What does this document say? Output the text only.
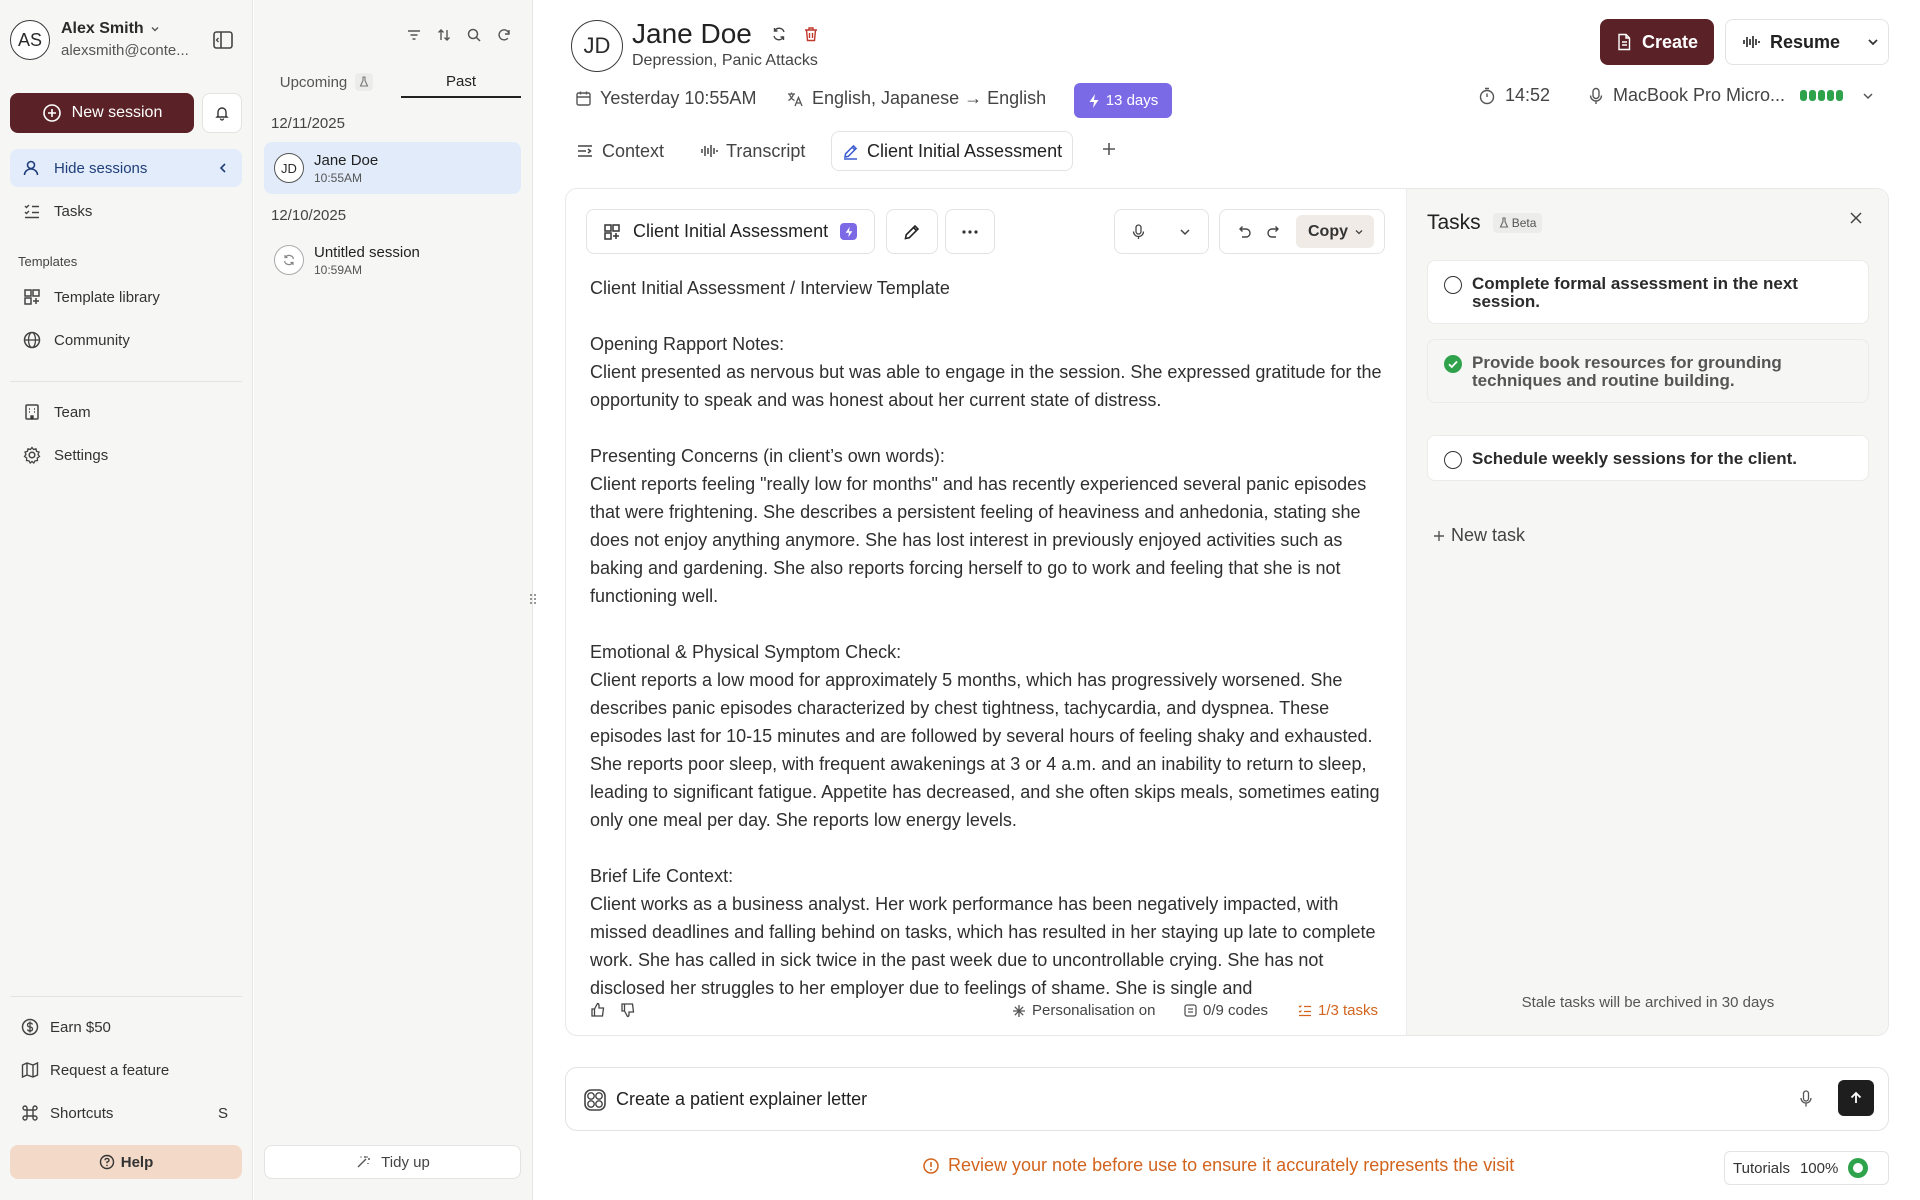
AS
Alex Smith
alexsmith@conte...
New session
Hide sessions
Tasks
Templates
Template library
Community
Team
Settings
Earn $50
Request a feature
Shortcuts	S
Help
Upcoming	Past
12/11/2025
JD	Jane Doe
10:55AM
12/10/2025
Untitled session
10:59AM
Tidy up
JD Jane Doe
Depression, Panic Attacks
Yesterday 10:55AM	English, Japanese → English	13 days
Create	Resume
14:52	MacBook Pro Micro...
Context	Transcript	Client Initial Assessment
Client Initial Assessment	Copy

Client Initial Assessment / Interview Template

Opening Rapport Notes:

Client presented as nervous but was able to engage in the session. She expressed gratitude for the opportunity to speak and was honest about her current state of distress.

Presenting Concerns (in client’s own words):

Client reports feeling "really low for months" and has recently experienced several panic episodes that were frightening. She describes a persistent feeling of heaviness and anhedonia, stating she does not enjoy anything anymore. She has lost interest in previously enjoyed activities such as baking and gardening. She also reports forcing herself to go to work and feeling that she is not functioning well.

Emotional & Physical Symptom Check:

Client reports a low mood for approximately 5 months, which has progressively worsened. She describes panic episodes characterized by chest tightness, tachycardia, and dyspnea. These episodes last for 10-15 minutes and are followed by several hours of feeling shaky and exhausted. She reports poor sleep, with frequent awakenings at 3 or 4 a.m. and an inability to return to sleep, leading to significant fatigue. Appetite has decreased, and she often skips meals, sometimes eating only one meal per day. She reports low energy levels.

Brief Life Context:

Client works as a business analyst. Her work performance has been negatively impacted, with missed deadlines and falling behind on tasks, which has resulted in her staying up late to complete work. She has called in sick twice in the past week due to uncontrollable crying. She has not disclosed her struggles to her employer due to feelings of shame. She is single and

Personalisation on	0/9 codes	1/3 tasks
Tasks	Beta
Complete formal assessment in the next session.
Provide book resources for grounding techniques and routine building.
Schedule weekly sessions for the client.
New task
Stale tasks will be archived in 30 days
Create a patient explainer letter
Review your note before use to ensure it accurately represents the visit	Tutorials 100%
